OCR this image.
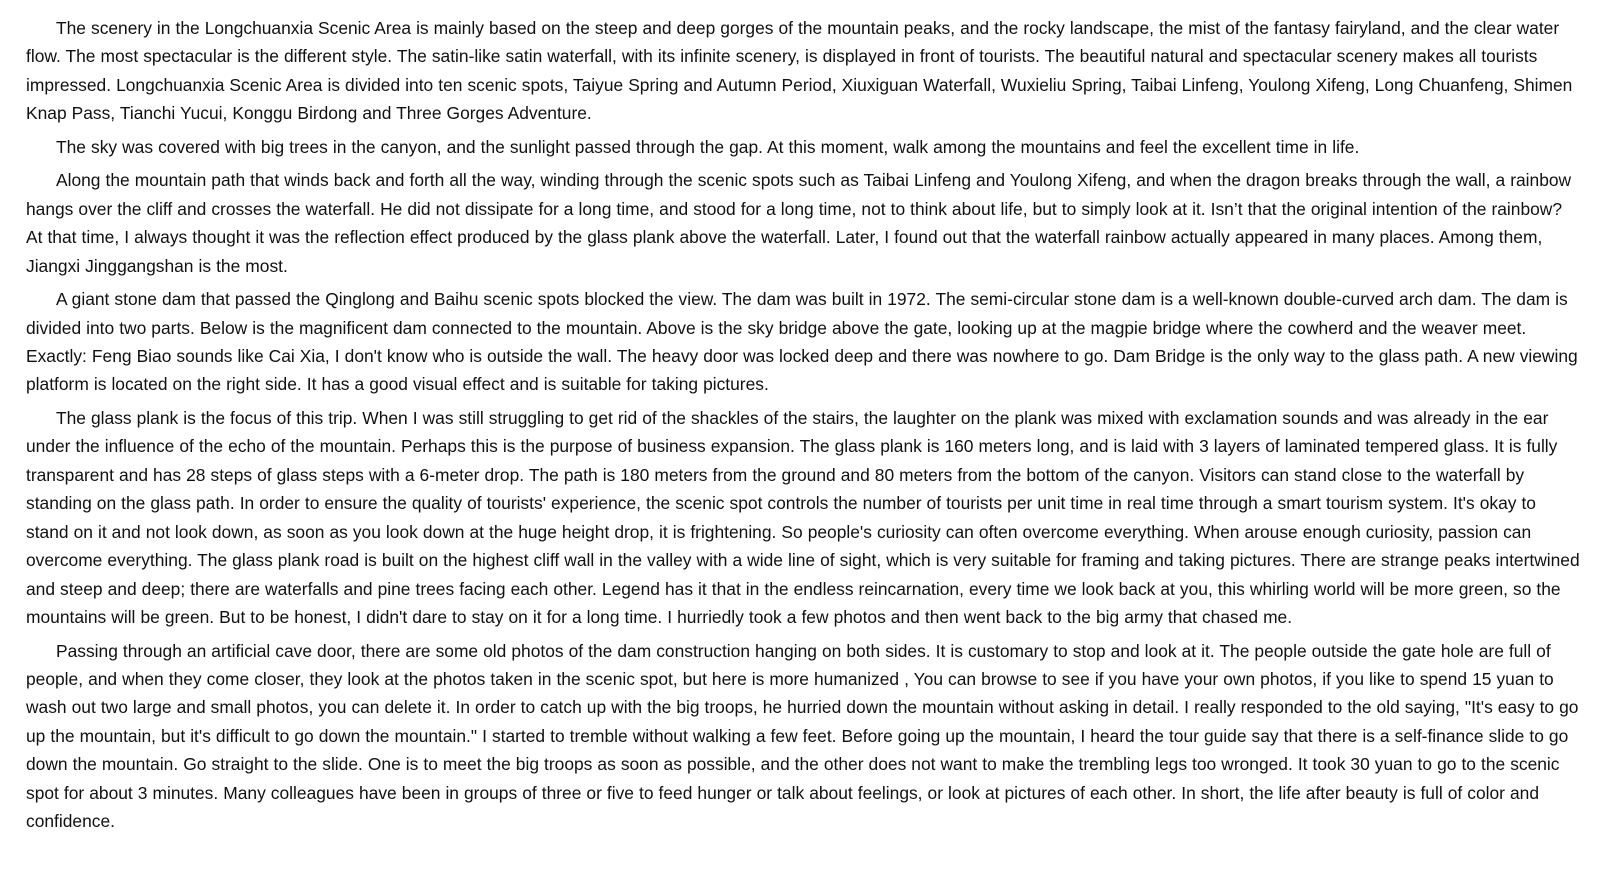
The scenery in the Longchuanxia Scenic Area is mainly based on the steep and deep gorges of the mountain peaks, and the rocky landscape, the mist of the fantasy fairyland, and the clear water flow. The most spectacular is the different style. The satin-like satin waterfall, with its infinite scenery, is displayed in front of tourists. The beautiful natural and spectacular scenery makes all tourists impressed. Longchuanxia Scenic Area is divided into ten scenic spots, Taiyue Spring and Autumn Period, Xiuxiguan Waterfall, Wuxieliu Spring, Taibai Linfeng, Youlong Xifeng, Long Chuanfeng, Shimen Knap Pass, Tianchi Yucui, Konggu Birdong and Three Gorges Adventure.

The sky was covered with big trees in the canyon, and the sunlight passed through the gap. At this moment, walk among the mountains and feel the excellent time in life.

Along the mountain path that winds back and forth all the way, winding through the scenic spots such as Taibai Linfeng and Youlong Xifeng, and when the dragon breaks through the wall, a rainbow hangs over the cliff and crosses the waterfall. He did not dissipate for a long time, and stood for a long time, not to think about life, but to simply look at it. Isn’t that the original intention of the rainbow? At that time, I always thought it was the reflection effect produced by the glass plank above the waterfall. Later, I found out that the waterfall rainbow actually appeared in many places. Among them, Jiangxi Jinggangshan is the most.

A giant stone dam that passed the Qinglong and Baihu scenic spots blocked the view. The dam was built in 1972. The semi-circular stone dam is a well-known double-curved arch dam. The dam is divided into two parts. Below is the magnificent dam connected to the mountain. Above is the sky bridge above the gate, looking up at the magpie bridge where the cowherd and the weaver meet. Exactly: Feng Biao sounds like Cai Xia, I don't know who is outside the wall. The heavy door was locked deep and there was nowhere to go. Dam Bridge is the only way to the glass path. A new viewing platform is located on the right side. It has a good visual effect and is suitable for taking pictures.

The glass plank is the focus of this trip. When I was still struggling to get rid of the shackles of the stairs, the laughter on the plank was mixed with exclamation sounds and was already in the ear under the influence of the echo of the mountain. Perhaps this is the purpose of business expansion. The glass plank is 160 meters long, and is laid with 3 layers of laminated tempered glass. It is fully transparent and has 28 steps of glass steps with a 6-meter drop. The path is 180 meters from the ground and 80 meters from the bottom of the canyon. Visitors can stand close to the waterfall by standing on the glass path. In order to ensure the quality of tourists' experience, the scenic spot controls the number of tourists per unit time in real time through a smart tourism system. It's okay to stand on it and not look down, as soon as you look down at the huge height drop, it is frightening. So people's curiosity can often overcome everything. When arouse enough curiosity, passion can overcome everything. The glass plank road is built on the highest cliff wall in the valley with a wide line of sight, which is very suitable for framing and taking pictures. There are strange peaks intertwined and steep and deep; there are waterfalls and pine trees facing each other. Legend has it that in the endless reincarnation, every time we look back at you, this whirling world will be more green, so the mountains will be green. But to be honest, I didn't dare to stay on it for a long time. I hurriedly took a few photos and then went back to the big army that chased me.

Passing through an artificial cave door, there are some old photos of the dam construction hanging on both sides. It is customary to stop and look at it. The people outside the gate hole are full of people, and when they come closer, they look at the photos taken in the scenic spot, but here is more humanized , You can browse to see if you have your own photos, if you like to spend 15 yuan to wash out two large and small photos, you can delete it. In order to catch up with the big troops, he hurried down the mountain without asking in detail. I really responded to the old saying, "It's easy to go up the mountain, but it's difficult to go down the mountain." I started to tremble without walking a few feet. Before going up the mountain, I heard the tour guide say that there is a self-finance slide to go down the mountain. Go straight to the slide. One is to meet the big troops as soon as possible, and the other does not want to make the trembling legs too wronged. It took 30 yuan to go to the scenic spot for about 3 minutes. Many colleagues have been in groups of three or five to feed hunger or talk about feelings, or look at pictures of each other. In short, the life after beauty is full of color and confidence.
